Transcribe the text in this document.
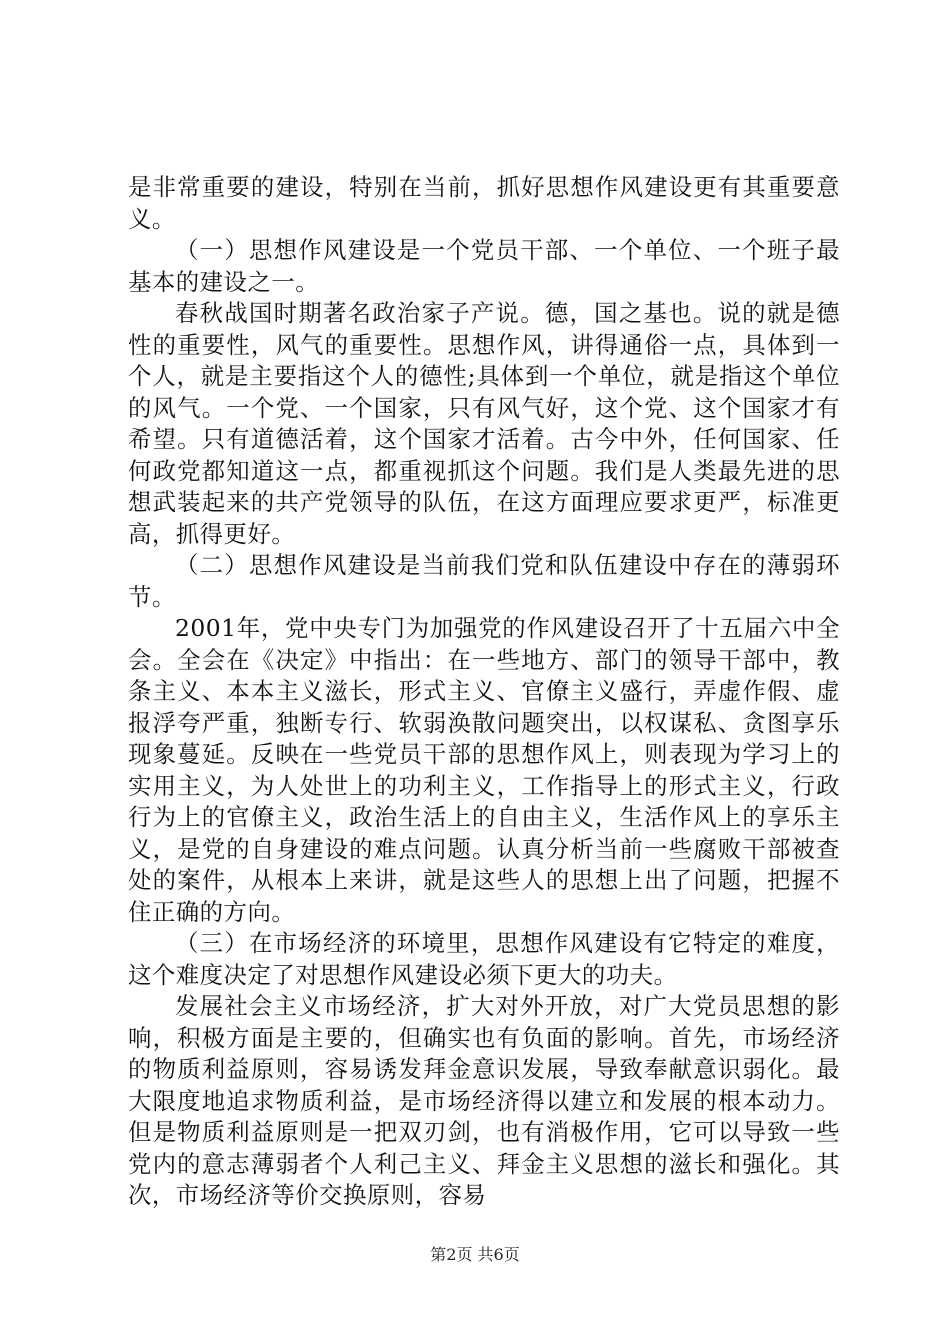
是非常重要的建设，特别在当前，抓好思想作风建设更有其重要意义。

（一）思想作风建设是一个党员干部、一个单位、一个班子最基本的建设之一。

春秋战国时期著名政治家子产说。德，国之基也。说的就是德性的重要性，风气的重要性。思想作风，讲得通俗一点，具体到一个人，就是主要指这个人的德性;具体到一个单位，就是指这个单位的风气。一个党、一个国家，只有风气好，这个党、这个国家才有希望。只有道德活着，这个国家才活着。古今中外，任何国家、任何政党都知道这一点，都重视抓这个问题。我们是人类最先进的思想武装起来的共产党领导的队伍，在这方面理应要求更严，标准更高，抓得更好。

（二）思想作风建设是当前我们党和队伍建设中存在的薄弱环节。

2001年，党中央专门为加强党的作风建设召开了十五届六中全会。全会在《决定》中指出：在一些地方、部门的领导干部中，教条主义、本本主义滋长，形式主义、官僚主义盛行，弄虚作假、虚报浮夸严重，独断专行、软弱涣散问题突出，以权谋私、贪图享乐现象蔓延。反映在一些党员干部的思想作风上，则表现为学习上的实用主义，为人处世上的功利主义，工作指导上的形式主义，行政行为上的官僚主义，政治生活上的自由主义，生活作风上的享乐主义，是党的自身建设的难点问题。认真分析当前一些腐败干部被查处的案件，从根本上来讲，就是这些人的思想上出了问题，把握不住正确的方向。

（三）在市场经济的环境里，思想作风建设有它特定的难度，这个难度决定了对思想作风建设必须下更大的功夫。

发展社会主义市场经济，扩大对外开放，对广大党员思想的影响，积极方面是主要的，但确实也有负面的影响。首先，市场经济的物质利益原则，容易诱发拜金意识发展，导致奉献意识弱化。最大限度地追求物质利益，是市场经济得以建立和发展的根本动力。但是物质利益原则是一把双刃剑，也有消极作用，它可以导致一些党内的意志薄弱者个人利己主义、拜金主义思想的滋长和强化。其次，市场经济等价交换原则，容易

第2页 共6页
